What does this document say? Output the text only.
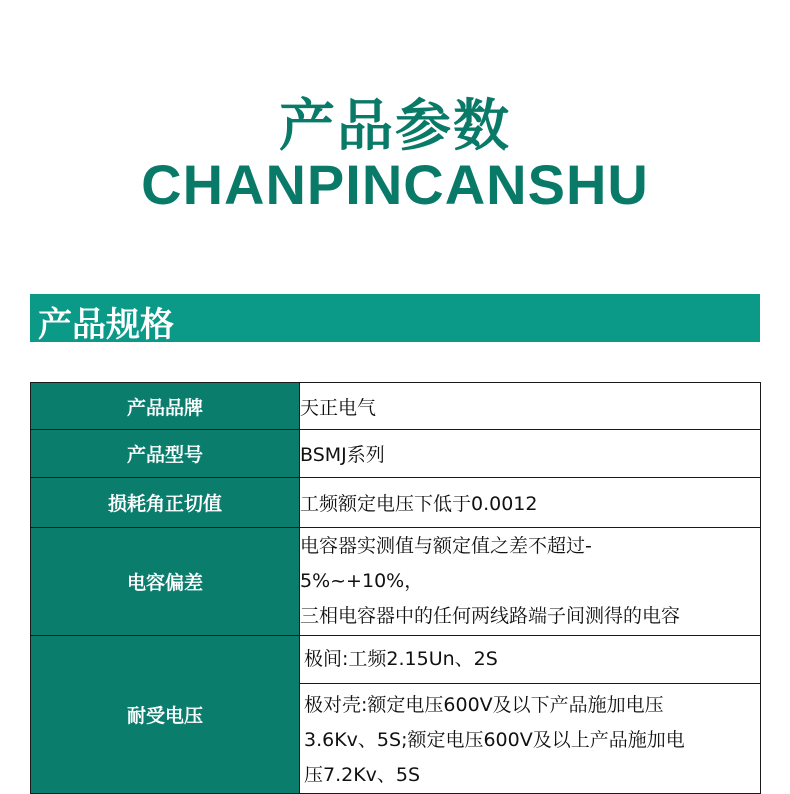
产品参数
CHANPINCANSHU
产品规格
产品品牌	天正电气
产品型号	BSMJ系列
损耗角正切值	工频额定电压下低于0.0012
电容偏差	电容器实测值与额定值之差不超过-
5%~+10%，
三相电容器中的任何两线路端子间测得的电容

耐受电压	极间:工频2.15Un、2S
极对壳:额定电压600V及以下产品施加电压
3.6Kv、5S;额定电压600V及以上产品施加电
压7.2Kv、5S
